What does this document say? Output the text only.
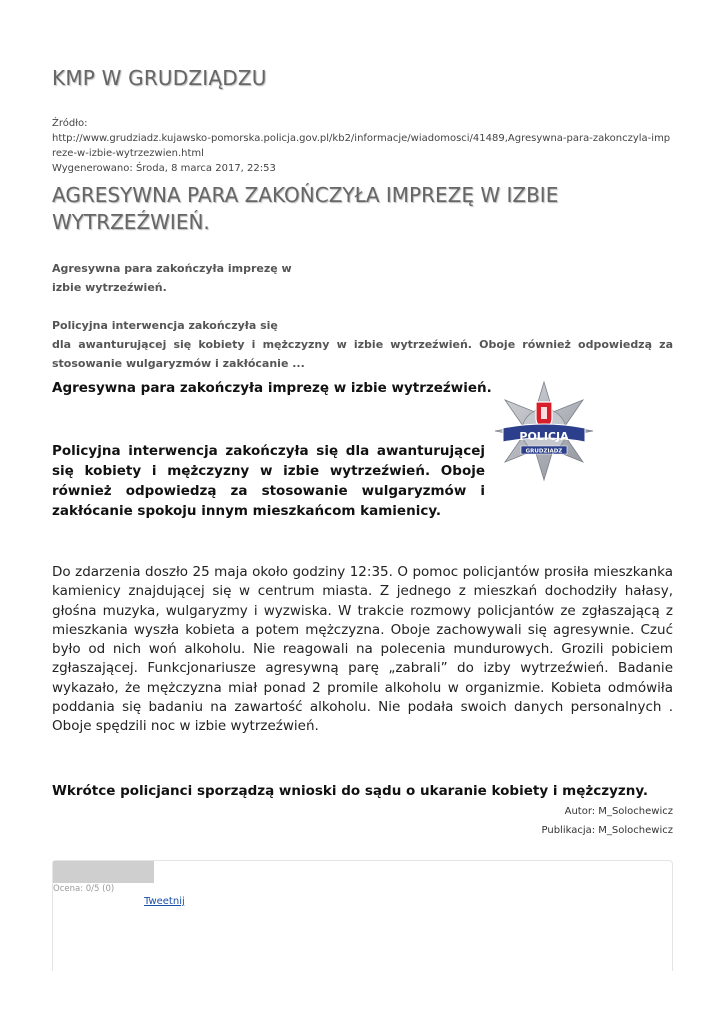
KMP W GRUDZIĄDZU
Źródło:
http://www.grudziadz.kujawsko-pomorska.policja.gov.pl/kb2/informacje/wiadomosci/41489,Agresywna-para-zakonczyla-impreze-w-izbie-wytrzezwien.html
Wygenerowano: Środa, 8 marca 2017, 22:53
AGRESYWNA PARA ZAKOŃCZYŁA IMPREZĘ W IZBIE WYTRZEŹWIEŃ.
Agresywna para zakończyła imprezę w izbie wytrzeźwień.
Policyjna interwencja zakończyła się
dla awanturującej się kobiety i mężczyzny w izbie wytrzeźwień. Oboje również odpowiedzą za stosowanie wulgaryzmów i zakłócanie ...
Agresywna para zakończyła imprezę w izbie wytrzeźwień.

Policyjna interwencja zakończyła się dla awanturującej się kobiety i mężczyzny w izbie wytrzeźwień. Oboje również odpowiedzą za stosowanie wulgaryzmów i zakłócanie spokoju innym mieszkańcom kamienicy.

POLICJA
GRUDZIĄDZ

Do zdarzenia doszło 25 maja około godziny 12:35. O pomoc policjantów prosiła mieszkanka kamienicy znajdującej się w centrum miasta. Z jednego z mieszkań dochodziły hałasy, głośna muzyka, wulgaryzmy i wyzwiska. W trakcie rozmowy policjantów ze zgłaszającą z mieszkania wyszła kobieta a potem mężczyzna. Oboje zachowywali się agresywnie. Czuć było od nich woń alkoholu. Nie reagowali na polecenia mundurowych. Grozili pobiciem zgłaszającej. Funkcjonariusze agresywną parę „zabrali” do izby wytrzeźwień. Badanie wykazało, że mężczyzna miał ponad 2 promile alkoholu w organizmie. Kobieta odmówiła poddania się badaniu na zawartość alkoholu. Nie podała swoich danych personalnych . Oboje spędzili noc w izbie wytrzeźwień.

Wkrótce policjanci sporządzą wnioski do sądu o ukaranie kobiety i mężczyzny.

Autor: M_Solochewicz
Publikacja: M_Solochewicz
Ocena: 0/5 (0)
Tweetnij
